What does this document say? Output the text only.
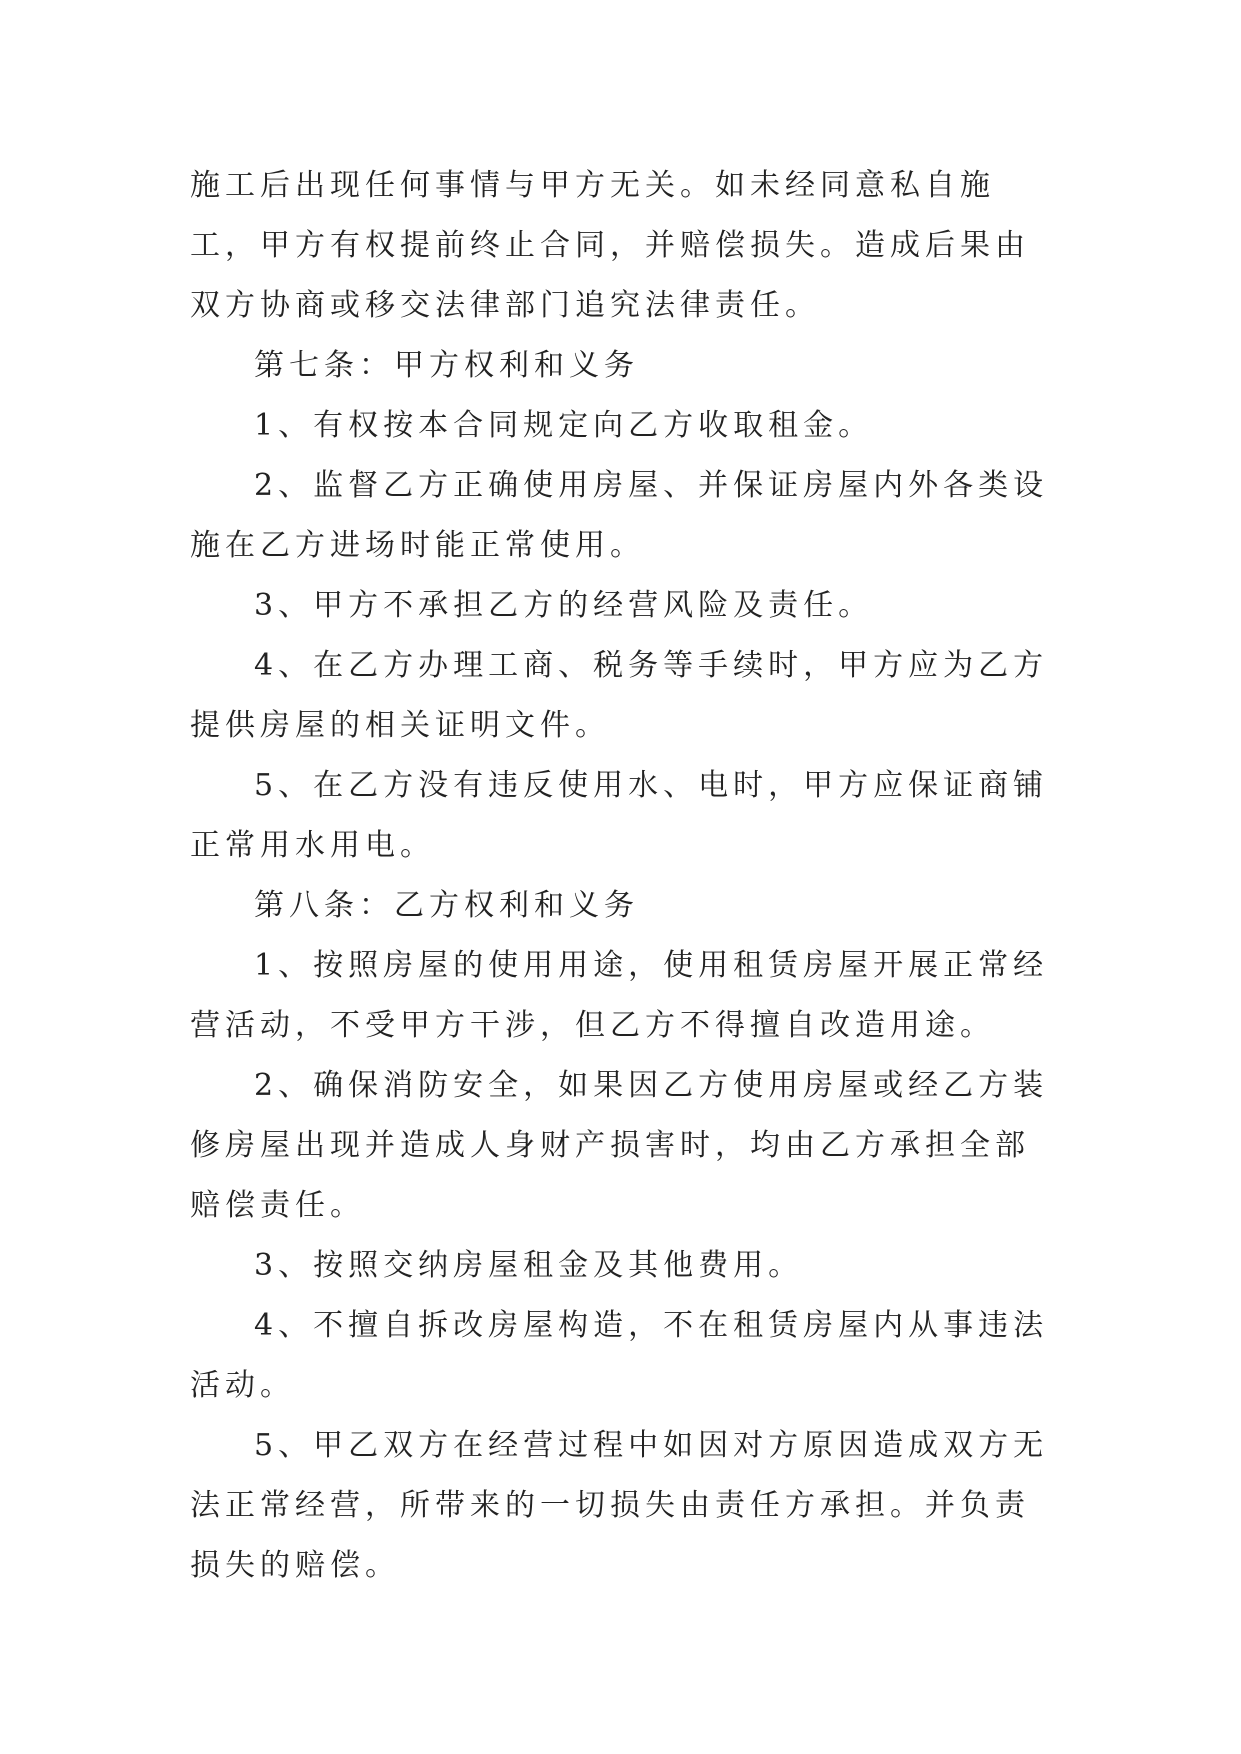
施工后出现任何事情与甲方无关。如未经同意私自施工，甲方有权提前终止合同，并赔偿损失。造成后果由双方协商或移交法律部门追究法律责任。

第七条：甲方权利和义务

1、有权按本合同规定向乙方收取租金。

2、监督乙方正确使用房屋、并保证房屋内外各类设施在乙方进场时能正常使用。

3、甲方不承担乙方的经营风险及责任。

4、在乙方办理工商、税务等手续时，甲方应为乙方提供房屋的相关证明文件。

5、在乙方没有违反使用水、电时，甲方应保证商铺正常用水用电。

第八条：乙方权利和义务

1、按照房屋的使用用途，使用租赁房屋开展正常经营活动，不受甲方干涉，但乙方不得擅自改造用途。

2、确保消防安全，如果因乙方使用房屋或经乙方装修房屋出现并造成人身财产损害时，均由乙方承担全部赔偿责任。

3、按照交纳房屋租金及其他费用。

4、不擅自拆改房屋构造，不在租赁房屋内从事违法活动。

5、甲乙双方在经营过程中如因对方原因造成双方无法正常经营，所带来的一切损失由责任方承担。并负责损失的赔偿。
